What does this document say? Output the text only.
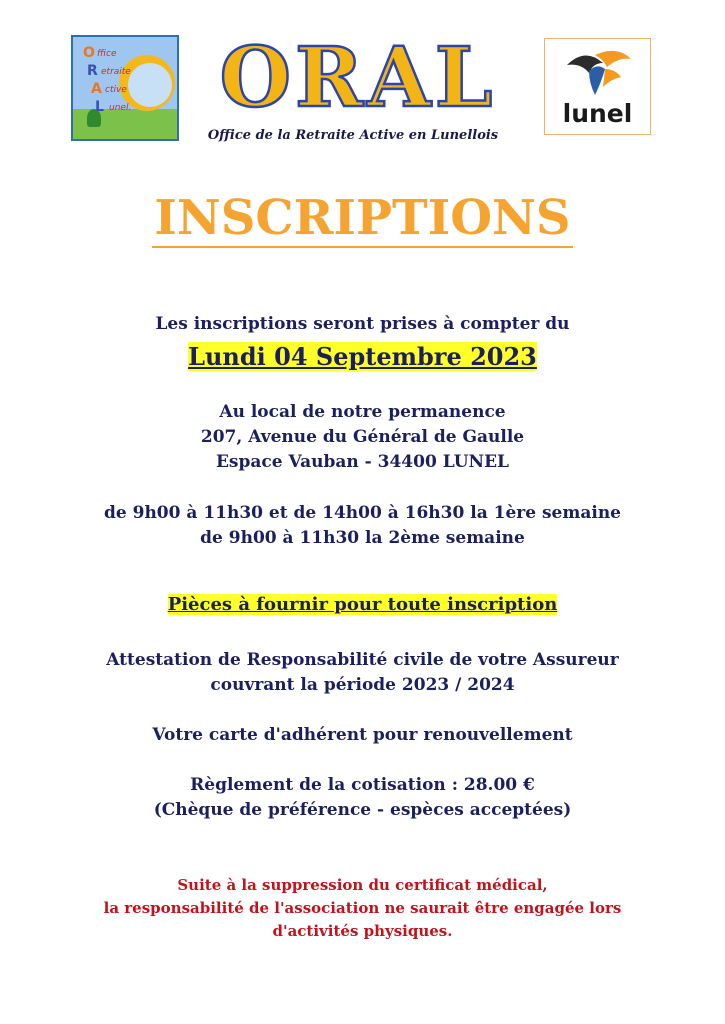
O ffice
R etraite
A ctive
L unel. ORAL
Office de la Retraite Active en Lunellois
lunel
INSCRIPTIONS
Les inscriptions seront prises à compter du
Lundi 04 Septembre 2023
Au local de notre permanence
207, Avenue du Général de Gaulle
Espace Vauban - 34400 LUNEL
de 9h00 à 11h30 et de 14h00 à 16h30 la 1ère semaine
de 9h00 à 11h30 la 2ème semaine
Pièces à fournir pour toute inscription
Attestation de Responsabilité civile de votre Assureur
couvrant la période 2023 / 2024
Votre carte d'adhérent pour renouvellement
Règlement de la cotisation : 28.00 €
(Chèque de préférence - espèces acceptées)
Suite à la suppression du certificat médical,
la responsabilité de l'association ne saurait être engagée lors
d'activités physiques.
